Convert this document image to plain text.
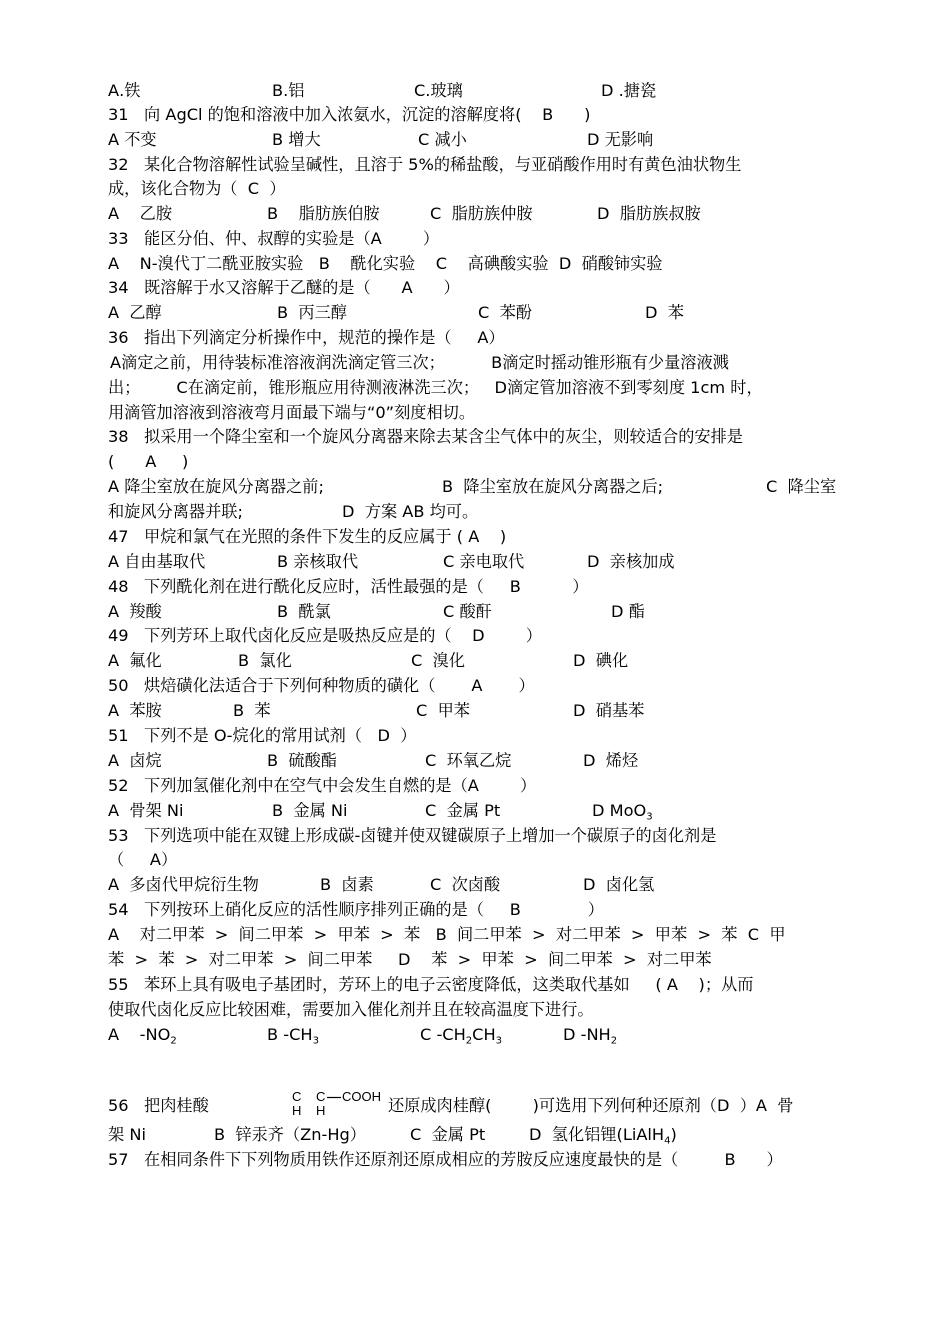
A.铁	B.铝	C.玻璃	D .搪瓷
31   向 AgCl 的饱和溶液中加入浓氨水，沉淀的溶解度将(    B      )
A 不变	B 增大	C 减小	D 无影响
32   某化合物溶解性试验呈碱性，且溶于 5%的稀盐酸，与亚硝酸作用时有黄色油状物生
成，该化合物为（  C  ）
A    乙胺	B    脂肪族伯胺	C  脂肪族仲胺	D  脂肪族叔胺
33   能区分伯、仲、叔醇的实验是（A        ）
A    N-溴代丁二酰亚胺实验   B    酰化实验    C    高碘酸实验  D  硝酸铈实验
34   既溶解于水又溶解于乙醚的是（      A      ）
A  乙醇	B  丙三醇	C  苯酚	D  苯
36   指出下列滴定分析操作中，规范的操作是（     A）
A滴定之前，用待装标准溶液润洗滴定管三次；         B滴定时摇动锥形瓶有少量溶液溅
出；       C在滴定前，锥形瓶应用待测液淋洗三次；   D滴定管加溶液不到零刻度 1cm 时，
用滴管加溶液到溶液弯月面最下端与“0”刻度相切。
38   拟采用一个降尘室和一个旋风分离器来除去某含尘气体中的灰尘，则较适合的安排是
(      A     )
A 降尘室放在旋风分离器之前;	B  降尘室放在旋风分离器之后;	C  降尘室
和旋风分离器并联;	D  方案 AB 均可。
47   甲烷和氯气在光照的条件下发生的反应属于 ( A    )
A 自由基取代	B 亲核取代	C 亲电取代	D  亲核加成
48   下列酰化剂在进行酰化反应时，活性最强的是（     B          ）
A  羧酸	B  酰氯	C 酸酐	D 酯
49   下列芳环上取代卤化反应是吸热反应是的（    D        ）
A  氟化	B  氯化	C  溴化	D  碘化
50   烘焙磺化法适合于下列何种物质的磺化（       A       ）
A  苯胺	B  苯	C  甲苯	D  硝基苯
51   下列不是 O-烷化的常用试剂（   D  ）
A  卤烷	B  硫酸酯	C  环氧乙烷	D  烯烃
52   下列加氢催化剂中在空气中会发生自燃的是（A        ）
A  骨架 Ni	B  金属 Ni	C  金属 Pt	D MoO$_3$
53   下列选项中能在双键上形成碳-卤键并使双键碳原子上增加一个碳原子的卤化剂是
（     A）
A  多卤代甲烷衍生物	B  卤素	C  次卤酸	D  卤化氢
54   下列按环上硝化反应的活性顺序排列正确的是（     B             ）
A    对二甲苯  >  间二甲苯  >  甲苯  >  苯   B  间二甲苯  >  对二甲苯  >  甲苯  >  苯  C  甲
苯  >  苯  >  对二甲苯  >  间二甲苯     D    苯  >  甲苯  >  间二甲苯  >  对二甲苯
55   苯环上具有吸电子基团时，芳环上的电子云密度降低，这类取代基如     ( A    )；从而
使取代卤化反应比较困难，需要加入催化剂并且在较高温度下进行。
A    $-NO_2$	B $-CH_3$	C $-CH_2CH_3$	D $-NH_2$
56   把肉桂酸	还原成肉桂醇(        )可选用下列何种还原剂（D  ）A  骨
架 Ni	B  锌汞齐（Zn-Hg）	C  金属 Pt	D  氢化铝锂(LiAlH$_4$)
57   在相同条件下下列物质用铁作还原剂还原成相应的芳胺反应速度最快的是（         B      ）
C C COOH
H H
